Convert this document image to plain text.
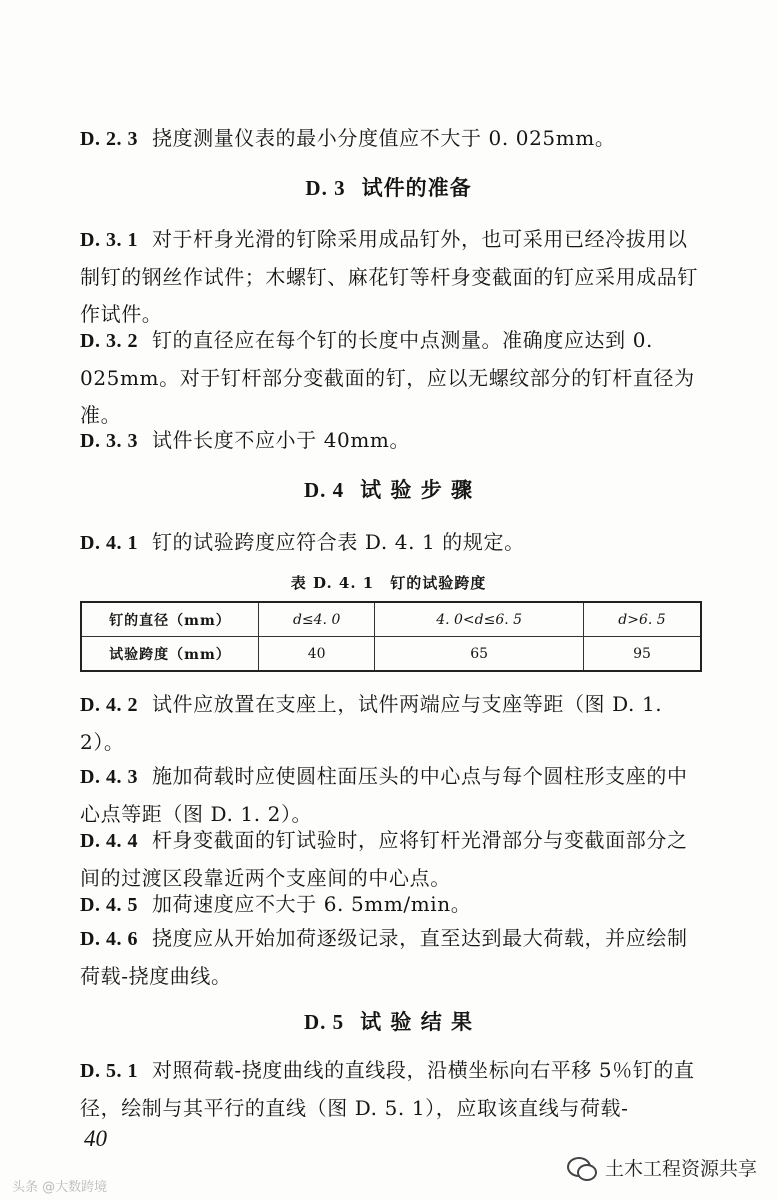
D. 2. 3 挠度测量仪表的最小分度值应不大于 0. 025mm。
D. 3 试件的准备
D. 3. 1 对于杆身光滑的钉除采用成品钉外，也可采用已经冷拔用以制钉的钢丝作试件；木螺钉、麻花钉等杆身变截面的钉应采用成品钉作试件。
D. 3. 2 钉的直径应在每个钉的长度中点测量。准确度应达到 0. 025mm。对于钉杆部分变截面的钉，应以无螺纹部分的钉杆直径为准。
D. 3. 3 试件长度不应小于 40mm。
D. 4 试 验 步 骤
D. 4. 1 钉的试验跨度应符合表 D. 4. 1 的规定。
表 D. 4. 1　钉的试验跨度
钉的直径（mm）	d≤4. 0	4. 0<d≤6. 5	d>6. 5
试验跨度（mm）	40	65	95
D. 4. 2 试件应放置在支座上，试件两端应与支座等距（图 D. 1. 2）。
D. 4. 3 施加荷载时应使圆柱面压头的中心点与每个圆柱形支座的中心点等距（图 D. 1. 2）。
D. 4. 4 杆身变截面的钉试验时，应将钉杆光滑部分与变截面部分之间的过渡区段靠近两个支座间的中心点。
D. 4. 5 加荷速度应不大于 6. 5mm/min。
D. 4. 6 挠度应从开始加荷逐级记录，直至达到最大荷载，并应绘制荷载-挠度曲线。
D. 5 试 验 结 果
D. 5. 1 对照荷载-挠度曲线的直线段，沿横坐标向右平移 5％钉的直径，绘制与其平行的直线（图 D. 5. 1），应取该直线与荷载-
40
头条 @大数跨境
土木工程资源共享
